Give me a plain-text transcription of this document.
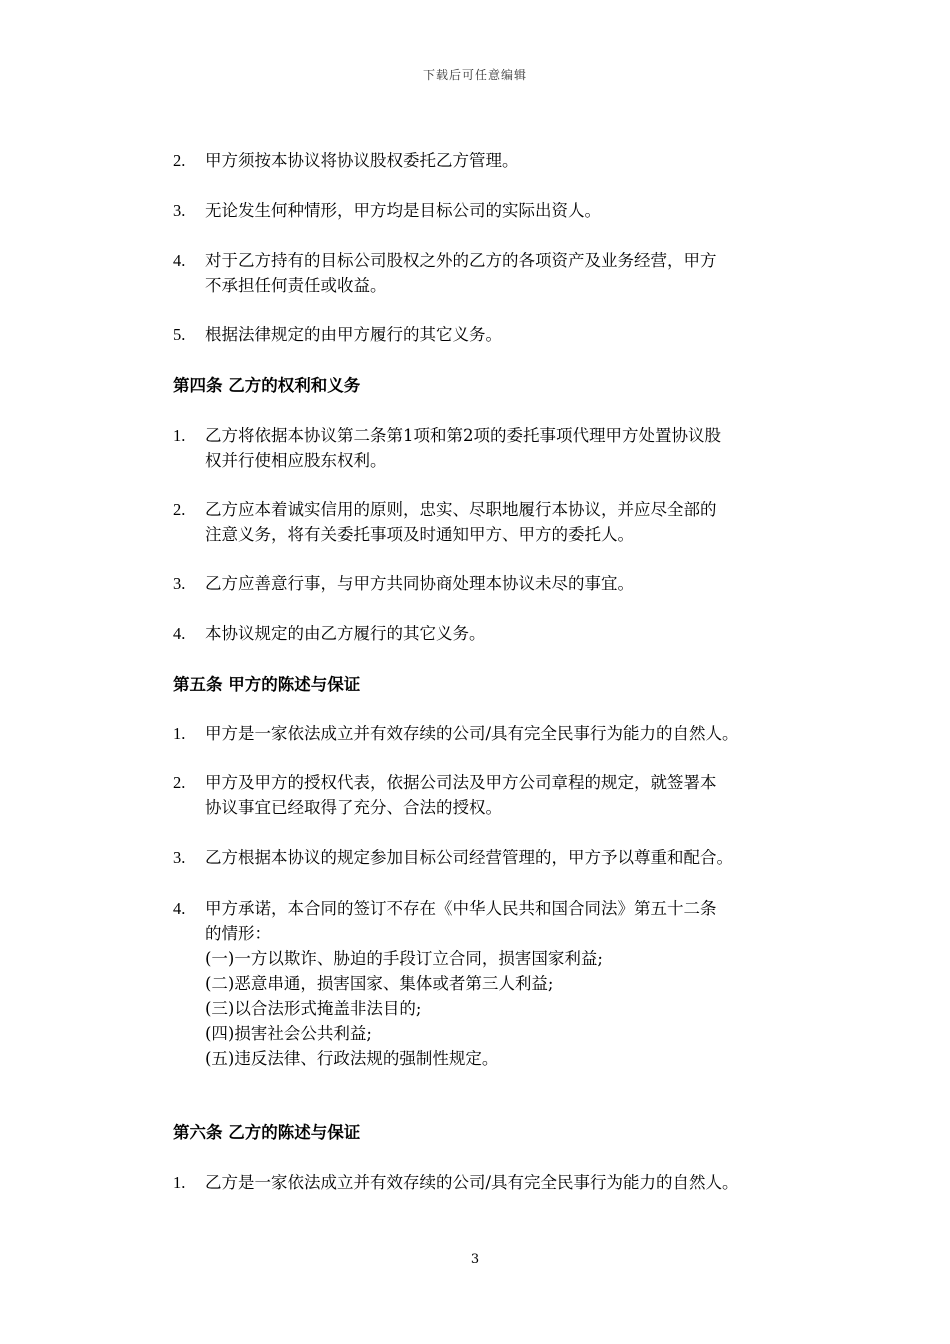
下载后可任意编辑
2.	甲方须按本协议将协议股权委托乙方管理。
3.	无论发生何种情形，甲方均是目标公司的实际出资人。
4.	对于乙方持有的目标公司股权之外的乙方的各项资产及业务经营，甲方
不承担任何责任或收益。
5.	根据法律规定的由甲方履行的其它义务。
第四条 乙方的权利和义务
1.	乙方将依据本协议第二条第1项和第2项的委托事项代理甲方处置协议股
权并行使相应股东权利。
2.	乙方应本着诚实信用的原则，忠实、尽职地履行本协议，并应尽全部的
注意义务，将有关委托事项及时通知甲方、甲方的委托人。
3.	乙方应善意行事，与甲方共同协商处理本协议未尽的事宜。
4.	本协议规定的由乙方履行的其它义务。
第五条 甲方的陈述与保证
1.	甲方是一家依法成立并有效存续的公司/具有完全民事行为能力的自然人。
2.	甲方及甲方的授权代表，依据公司法及甲方公司章程的规定，就签署本
协议事宜已经取得了充分、合法的授权。
3.	乙方根据本协议的规定参加目标公司经营管理的，甲方予以尊重和配合。
4.	甲方承诺，本合同的签订不存在《中华人民共和国合同法》第五十二条
的情形：
(一)一方以欺诈、胁迫的手段订立合同，损害国家利益;
(二)恶意串通，损害国家、集体或者第三人利益;
(三)以合法形式掩盖非法目的;
(四)损害社会公共利益;
(五)违反法律、行政法规的强制性规定。
第六条 乙方的陈述与保证
1.	乙方是一家依法成立并有效存续的公司/具有完全民事行为能力的自然人。
3
